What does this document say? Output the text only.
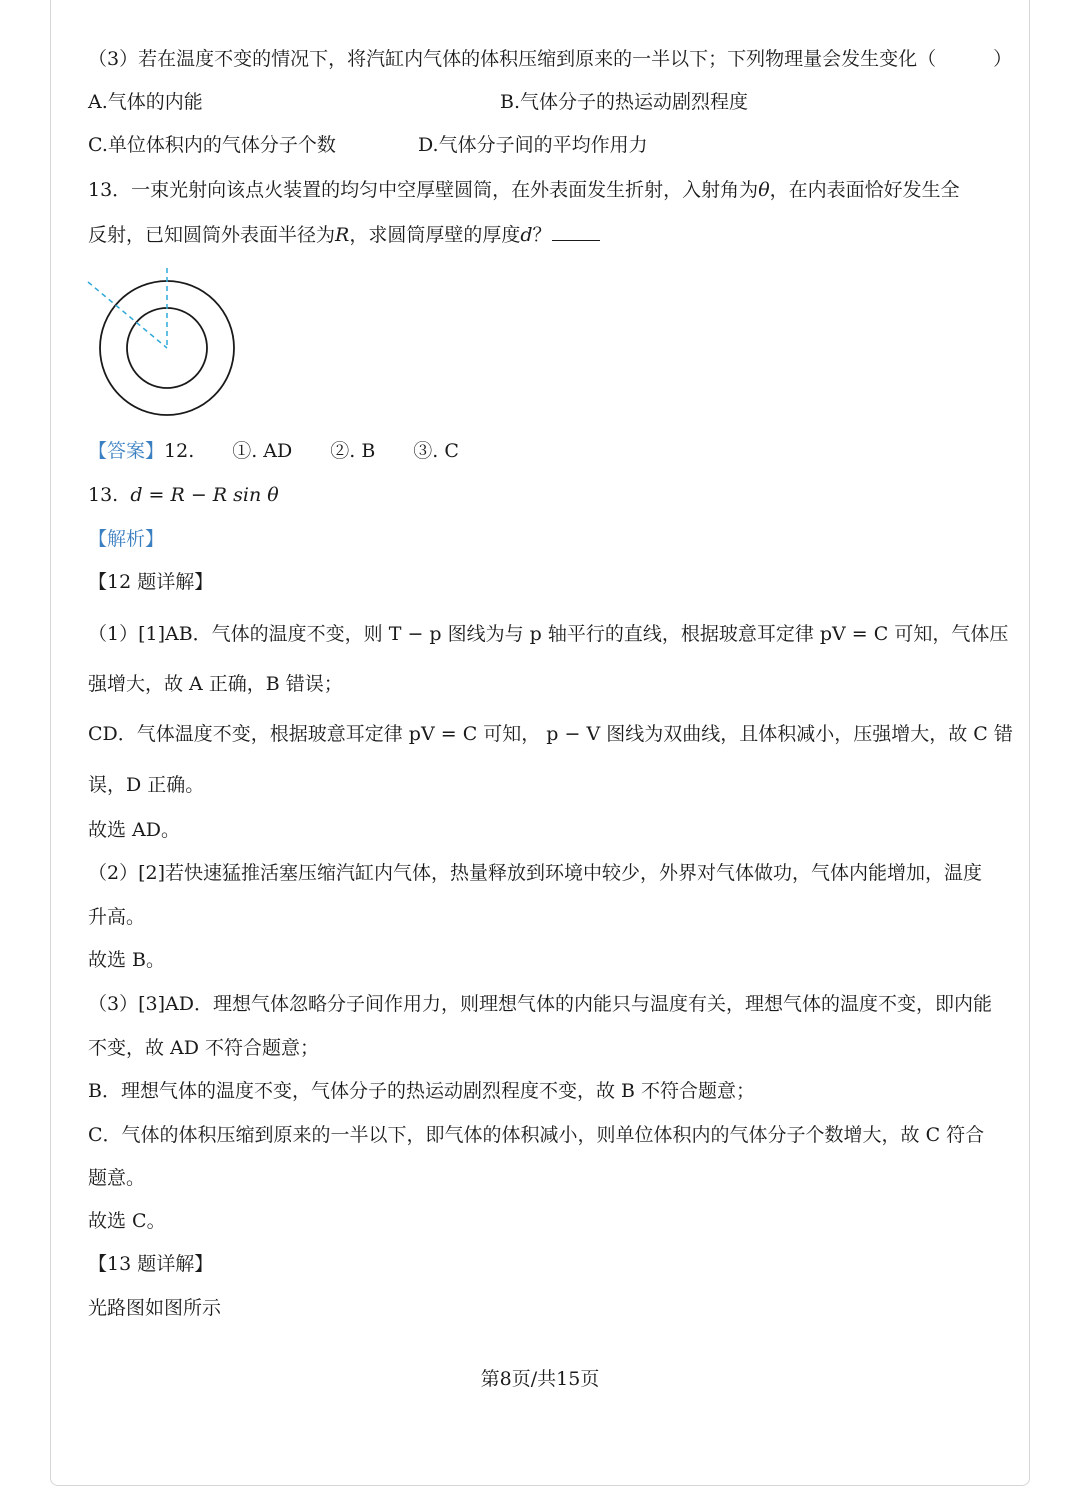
（3）若在温度不变的情况下，将汽缸内气体的体积压缩到原来的一半以下；下列物理量会发生变化（　　　）
A.气体的内能	B.气体分子的热运动剧烈程度
C.单位体积内的气体分子个数	D.气体分子间的平均作用力
13．一束光射向该点火装置的均匀中空厚壁圆筒，在外表面发生折射，入射角为θ，在内表面恰好发生全
反射，已知圆筒外表面半径为R，求圆筒厚壁的厚度d？
【答案】12.　　①. AD　　②. B　　③. C
13. d = R − R sin θ
【解析】
【12 题详解】
（1）[1]AB．气体的温度不变，则 T − p 图线为与 p 轴平行的直线，根据玻意耳定律 pV = C 可知，气体压
强增大，故 A 正确，B 错误；
CD．气体温度不变，根据玻意耳定律 pV = C 可知， p − V 图线为双曲线，且体积减小，压强增大，故 C 错
误，D 正确。
故选 AD。
（2）[2]若快速猛推活塞压缩汽缸内气体，热量释放到环境中较少，外界对气体做功，气体内能增加，温度
升高。
故选 B。
（3）[3]AD．理想气体忽略分子间作用力，则理想气体的内能只与温度有关，理想气体的温度不变，即内能
不变，故 AD 不符合题意；
B．理想气体的温度不变，气体分子的热运动剧烈程度不变，故 B 不符合题意；
C．气体的体积压缩到原来的一半以下，即气体的体积减小，则单位体积内的气体分子个数增大，故 C 符合
题意。
故选 C。
【13 题详解】
光路图如图所示
第8页/共15页
